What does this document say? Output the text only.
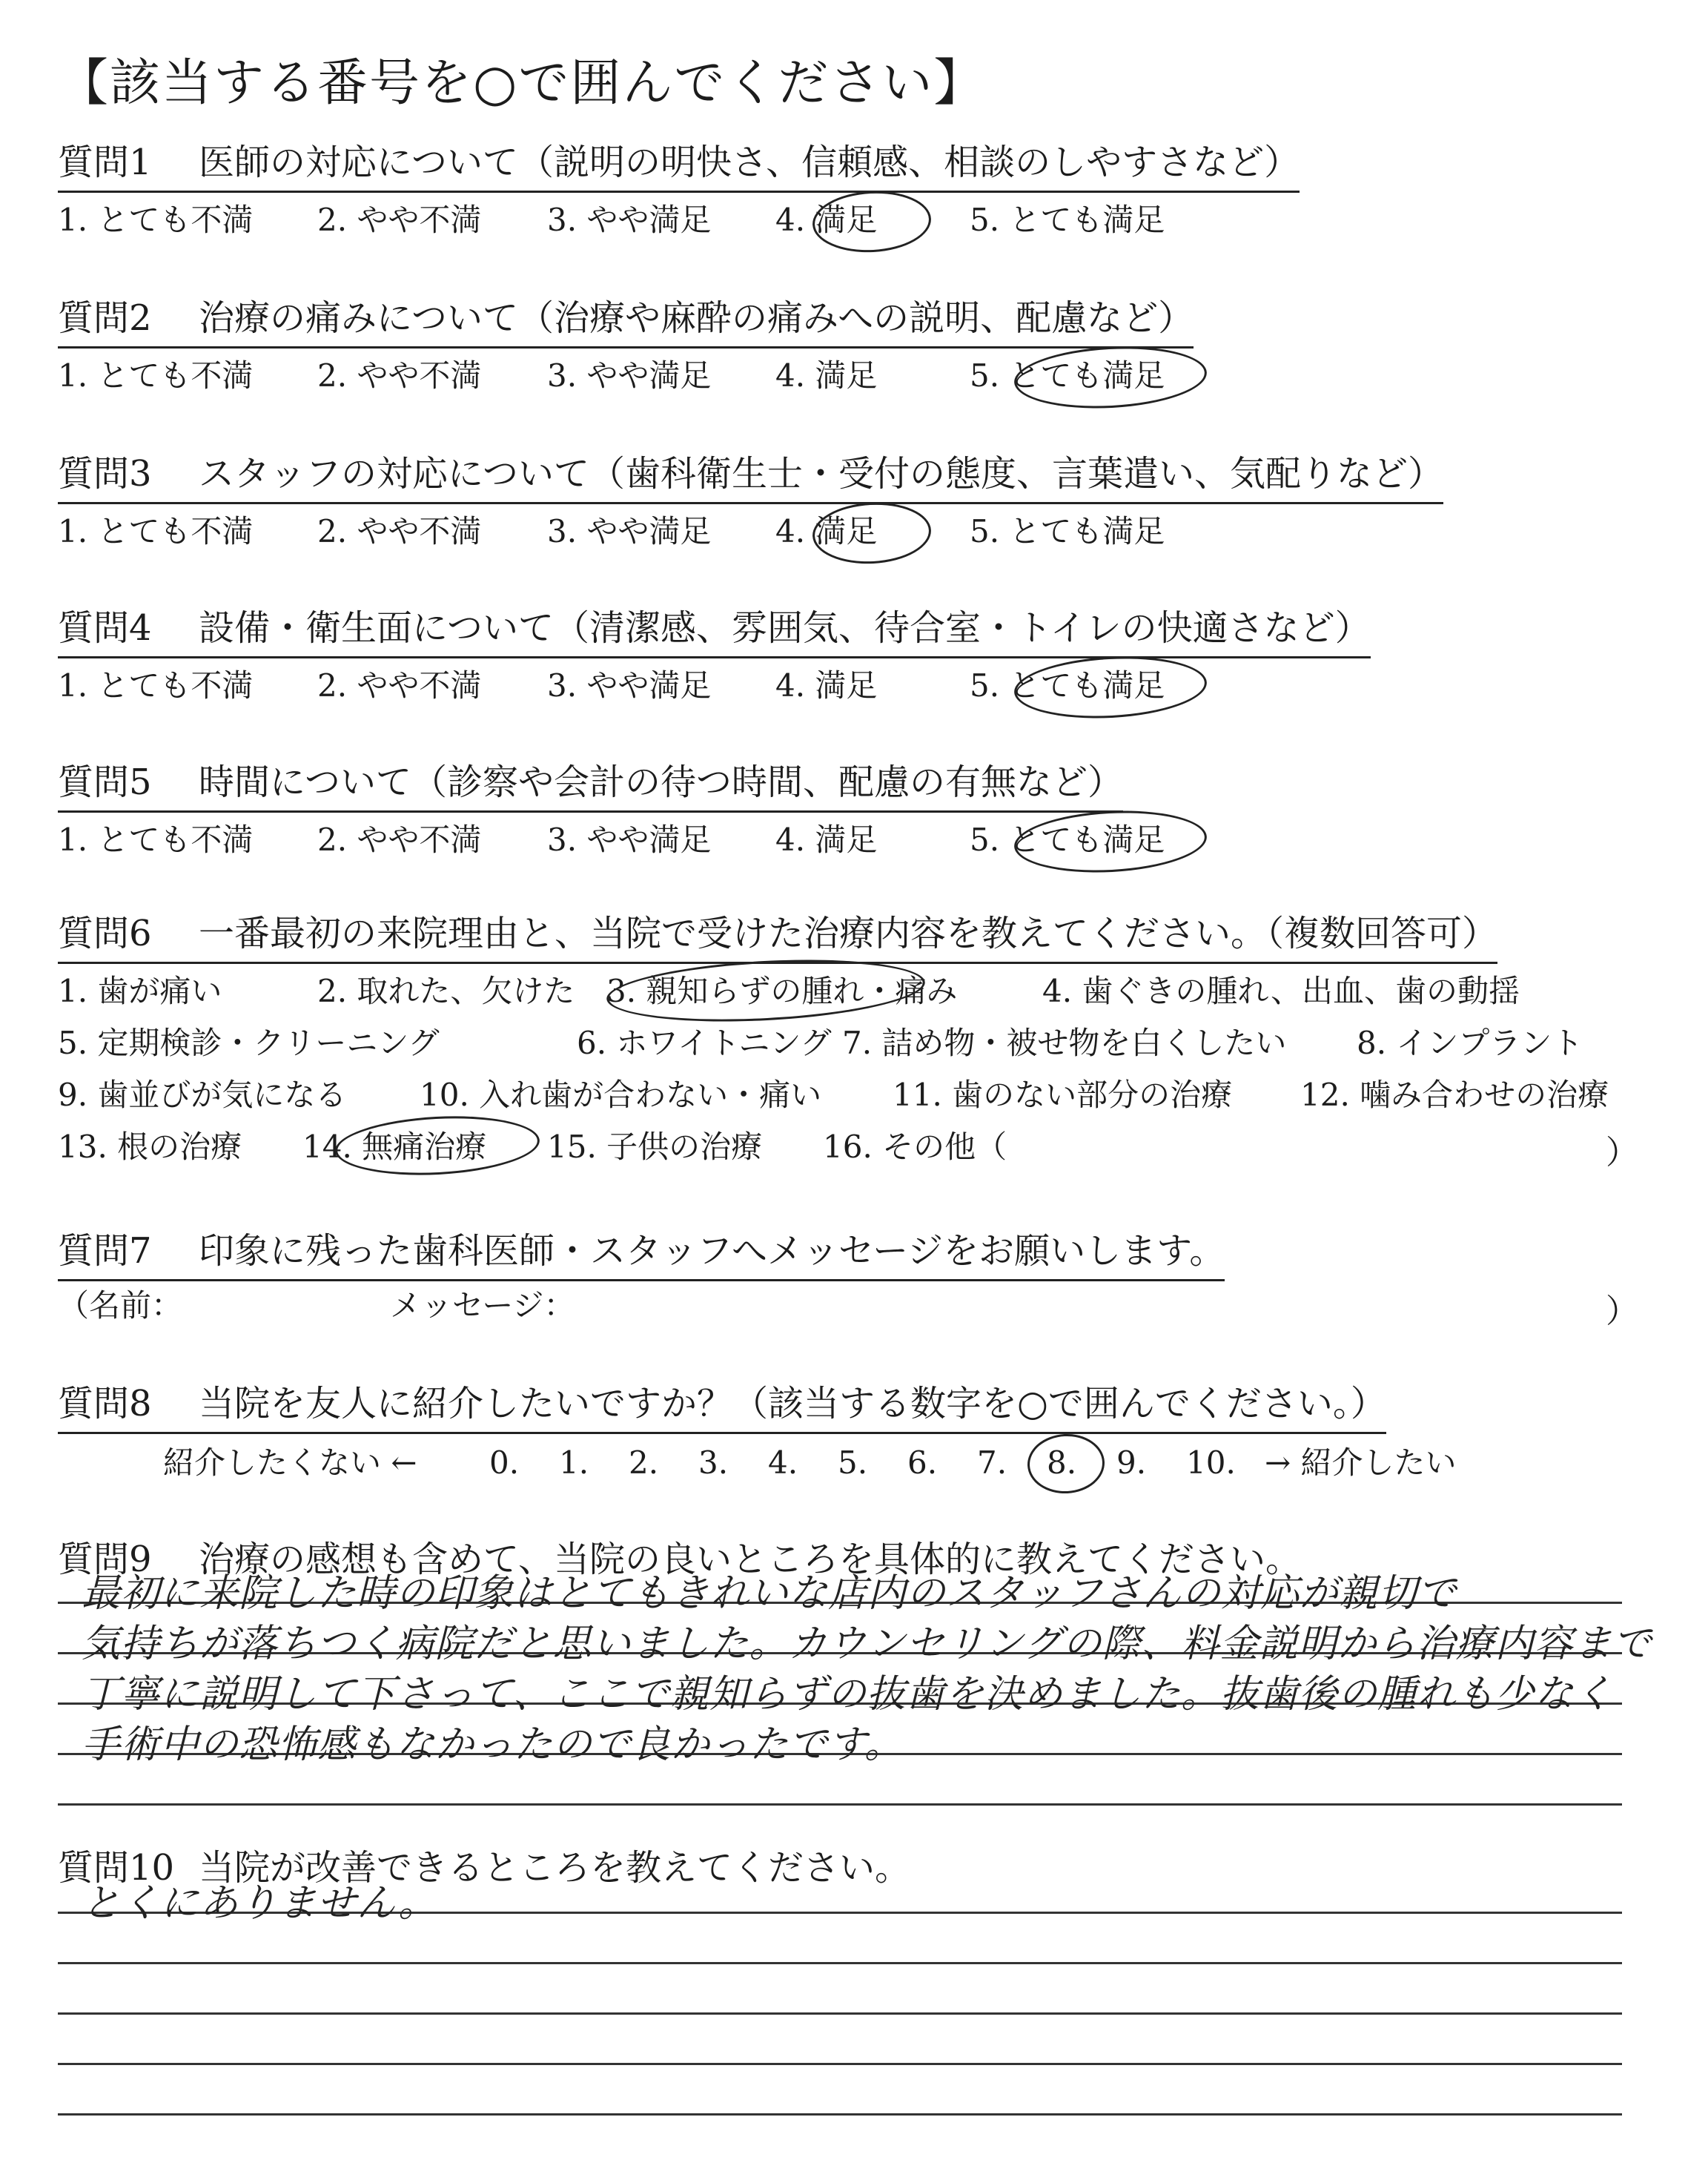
【該当する番号を○で囲んでください】
質問1 医師の対応について（説明の明快さ、信頼感、相談のしやすさなど）
1. とても不満 2. やや不満 3. やや満足 4. 満足	5. とても満足
質問2 治療の痛みについて（治療や麻酔の痛みへの説明、配慮など）
1. とても不満 2. やや不満 3. やや満足 4. 満足	5. とても満足
質問3 スタッフの対応について（歯科衛生士・受付の態度、言葉遣い、気配りなど）
1. とても不満 2. やや不満 3. やや満足 4. 満足	5. とても満足
質問4 設備・衛生面について（清潔感、雰囲気、待合室・トイレの快適さなど）
1. とても不満 2. やや不満 3. やや満足 4. 満足	5. とても満足
質問5 時間について（診察や会計の待つ時間、配慮の有無など）
1. とても不満 2. やや不満 3. やや満足 4. 満足	5. とても満足
質問6 一番最初の来院理由と、当院で受けた治療内容を教えてください。（複数回答可）
1. 歯が痛い	2. 取れた、欠けた 3. 親知らずの腫れ・痛み	4. 歯ぐきの腫れ、出血、歯の動揺
5. 定期検診・クリーニング	6. ホワイトニング 7. 詰め物・被せ物を白くしたい 8. インプラント
9. 歯並びが気になる 10. 入れ歯が合わない・痛い 11. 歯のない部分の治療 12. 噛み合わせの治療
13. 根の治療 14. 無痛治療 15. 子供の治療 16. その他（	）
質問7 印象に残った歯科医師・スタッフへメッセージをお願いします。
（名前：	メッセージ：	）
質問8 当院を友人に紹介したいですか？（該当する数字を○で囲んでください。）
紹介したくない ← 0. 1. 2. 3. 4. 5. 6. 7. 8. 9. 10. → 紹介したい
質問9 治療の感想も含めて、当院の良いところを具体的に教えてください。
最初に来院した時の印象はとてもきれいな店内のスタッフさんの対応が親切で
気持ちが落ちつく病院だと思いました。カウンセリングの際、料金説明から治療内容まで
丁寧に説明して下さって、ここで親知らずの抜歯を決めました。抜歯後の腫れも少なく
手術中の恐怖感もなかったので良かったです。
質問10 当院が改善できるところを教えてください。
とくにありません。
